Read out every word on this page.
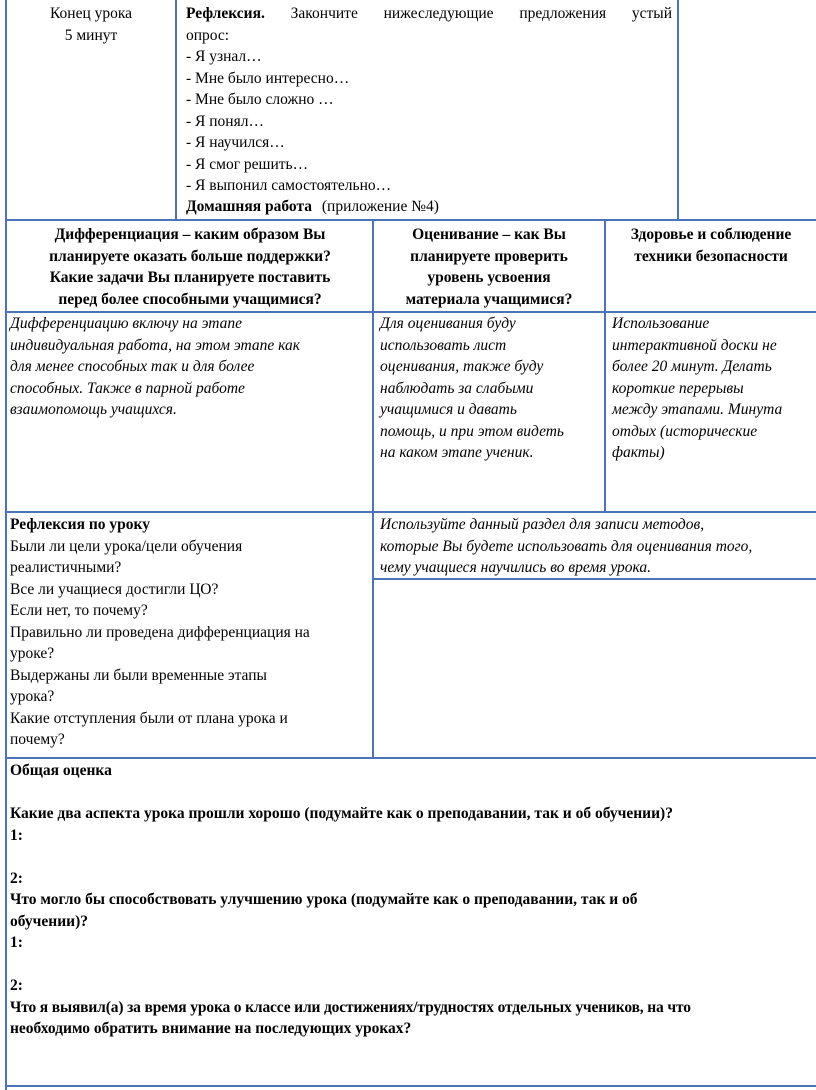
Конец урока
5 минут
Рефлексия. Закончите нижеследующие предложения устый
опрос:
- Я узнал…
- Мне было интересно…
- Мне было сложно …
- Я понял…
- Я научился…
- Я смог решить…
- Я выпонил самостоятельно…
Домашняя работа (приложение №4)
Дифференциация – каким образом Вы
планируете оказать больше поддержки?
Какие задачи Вы планируете поставить
перед более способными учащимися?
Оценивание – как Вы
планируете проверить
уровень усвоения
материала учащимися?
Здоровье и соблюдение
техники безопасности
Дифференциацию включу на этапе
индивидуальная работа, на этом этапе как
для менее способных так и для более
способных. Также в парной работе
взаимопомощь учащихся.
Для оценивания буду
использовать лист
оценивания, также буду
наблюдать за слабыми
учащимися и давать
помощь, и при этом видеть
на каком этапе ученик.
Использование
интерактивной доски не
более 20 минут. Делать
короткие перерывы
между этапами. Минута
отдых (исторические
факты)
Рефлексия по уроку
Были ли цели урока/цели обучения
реалистичными?
Все ли учащиеся достигли ЦО?
Если нет, то почему?
Правильно ли проведена дифференциация на
уроке?
Выдержаны ли были временные этапы
урока?
Какие отступления были от плана урока и
почему?
Используйте данный раздел для записи методов,
которые Вы будете использовать для оценивания того,
чему учащиеся научились во время урока.
Общая оценка
Какие два аспекта урока прошли хорошо (подумайте как о преподавании, так и об обучении)?
1:
2:
Что могло бы способствовать улучшению урока (подумайте как о преподавании, так и об
обучении)?
1:
2:
Что я выявил(а) за время урока о классе или достижениях/трудностях отдельных учеников, на что
необходимо обратить внимание на последующих уроках?
